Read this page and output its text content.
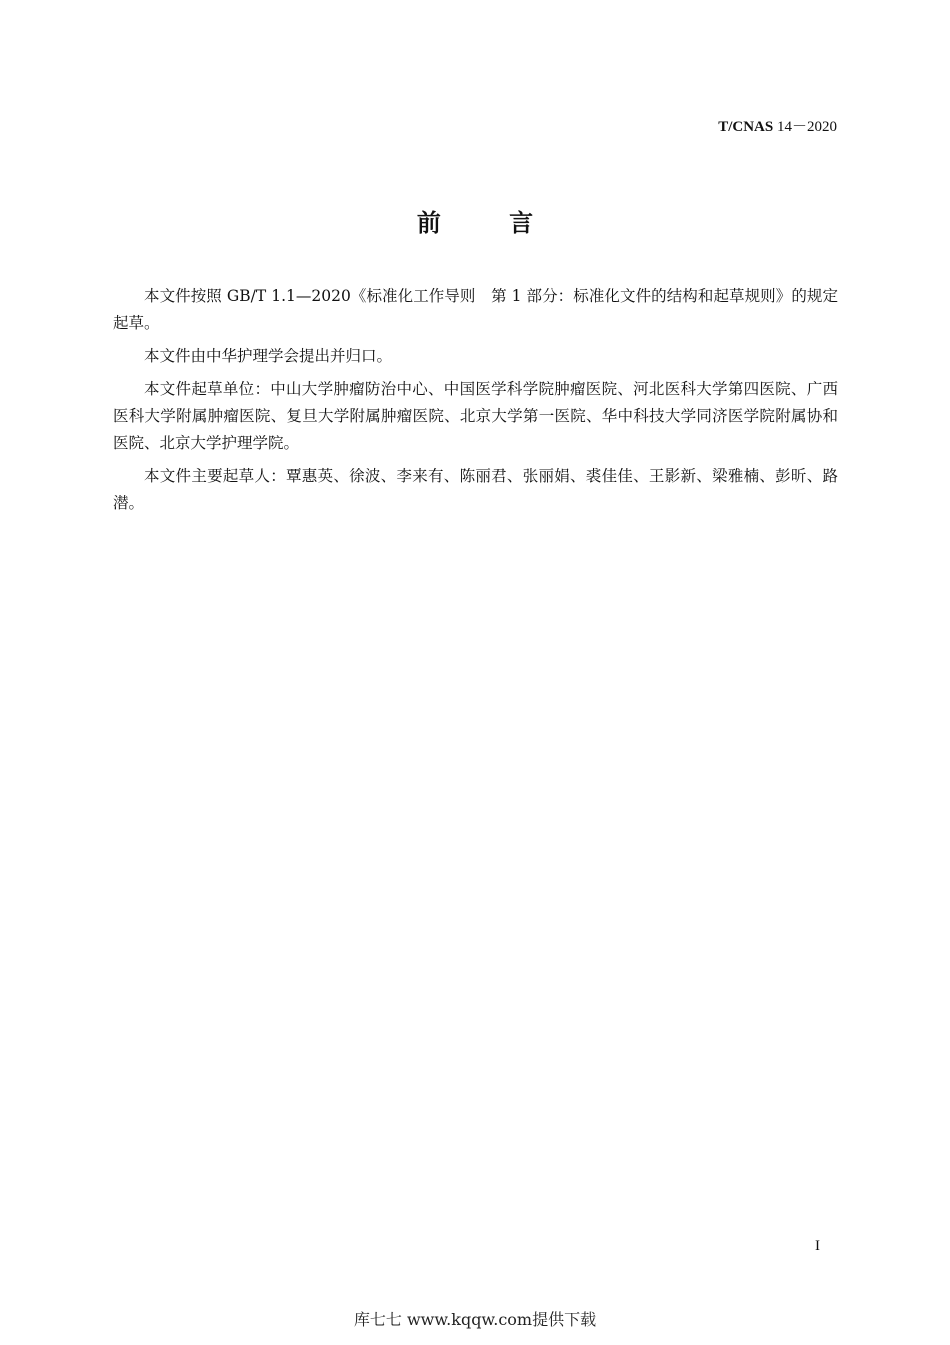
T/CNAS 14－2020
前 言

本文件按照 GB/T 1.1—2020《标准化工作导则　第 1 部分：标准化文件的结构和起草规则》的规定起草。

本文件由中华护理学会提出并归口。

本文件起草单位：中山大学肿瘤防治中心、中国医学科学院肿瘤医院、河北医科大学第四医院、广西医科大学附属肿瘤医院、复旦大学附属肿瘤医院、北京大学第一医院、华中科技大学同济医学院附属协和医院、北京大学护理学院。

本文件主要起草人：覃惠英、徐波、李来有、陈丽君、张丽娟、裘佳佳、王影新、梁雅楠、彭昕、路潜。

I
库七七 www.kqqw.com提供下载
